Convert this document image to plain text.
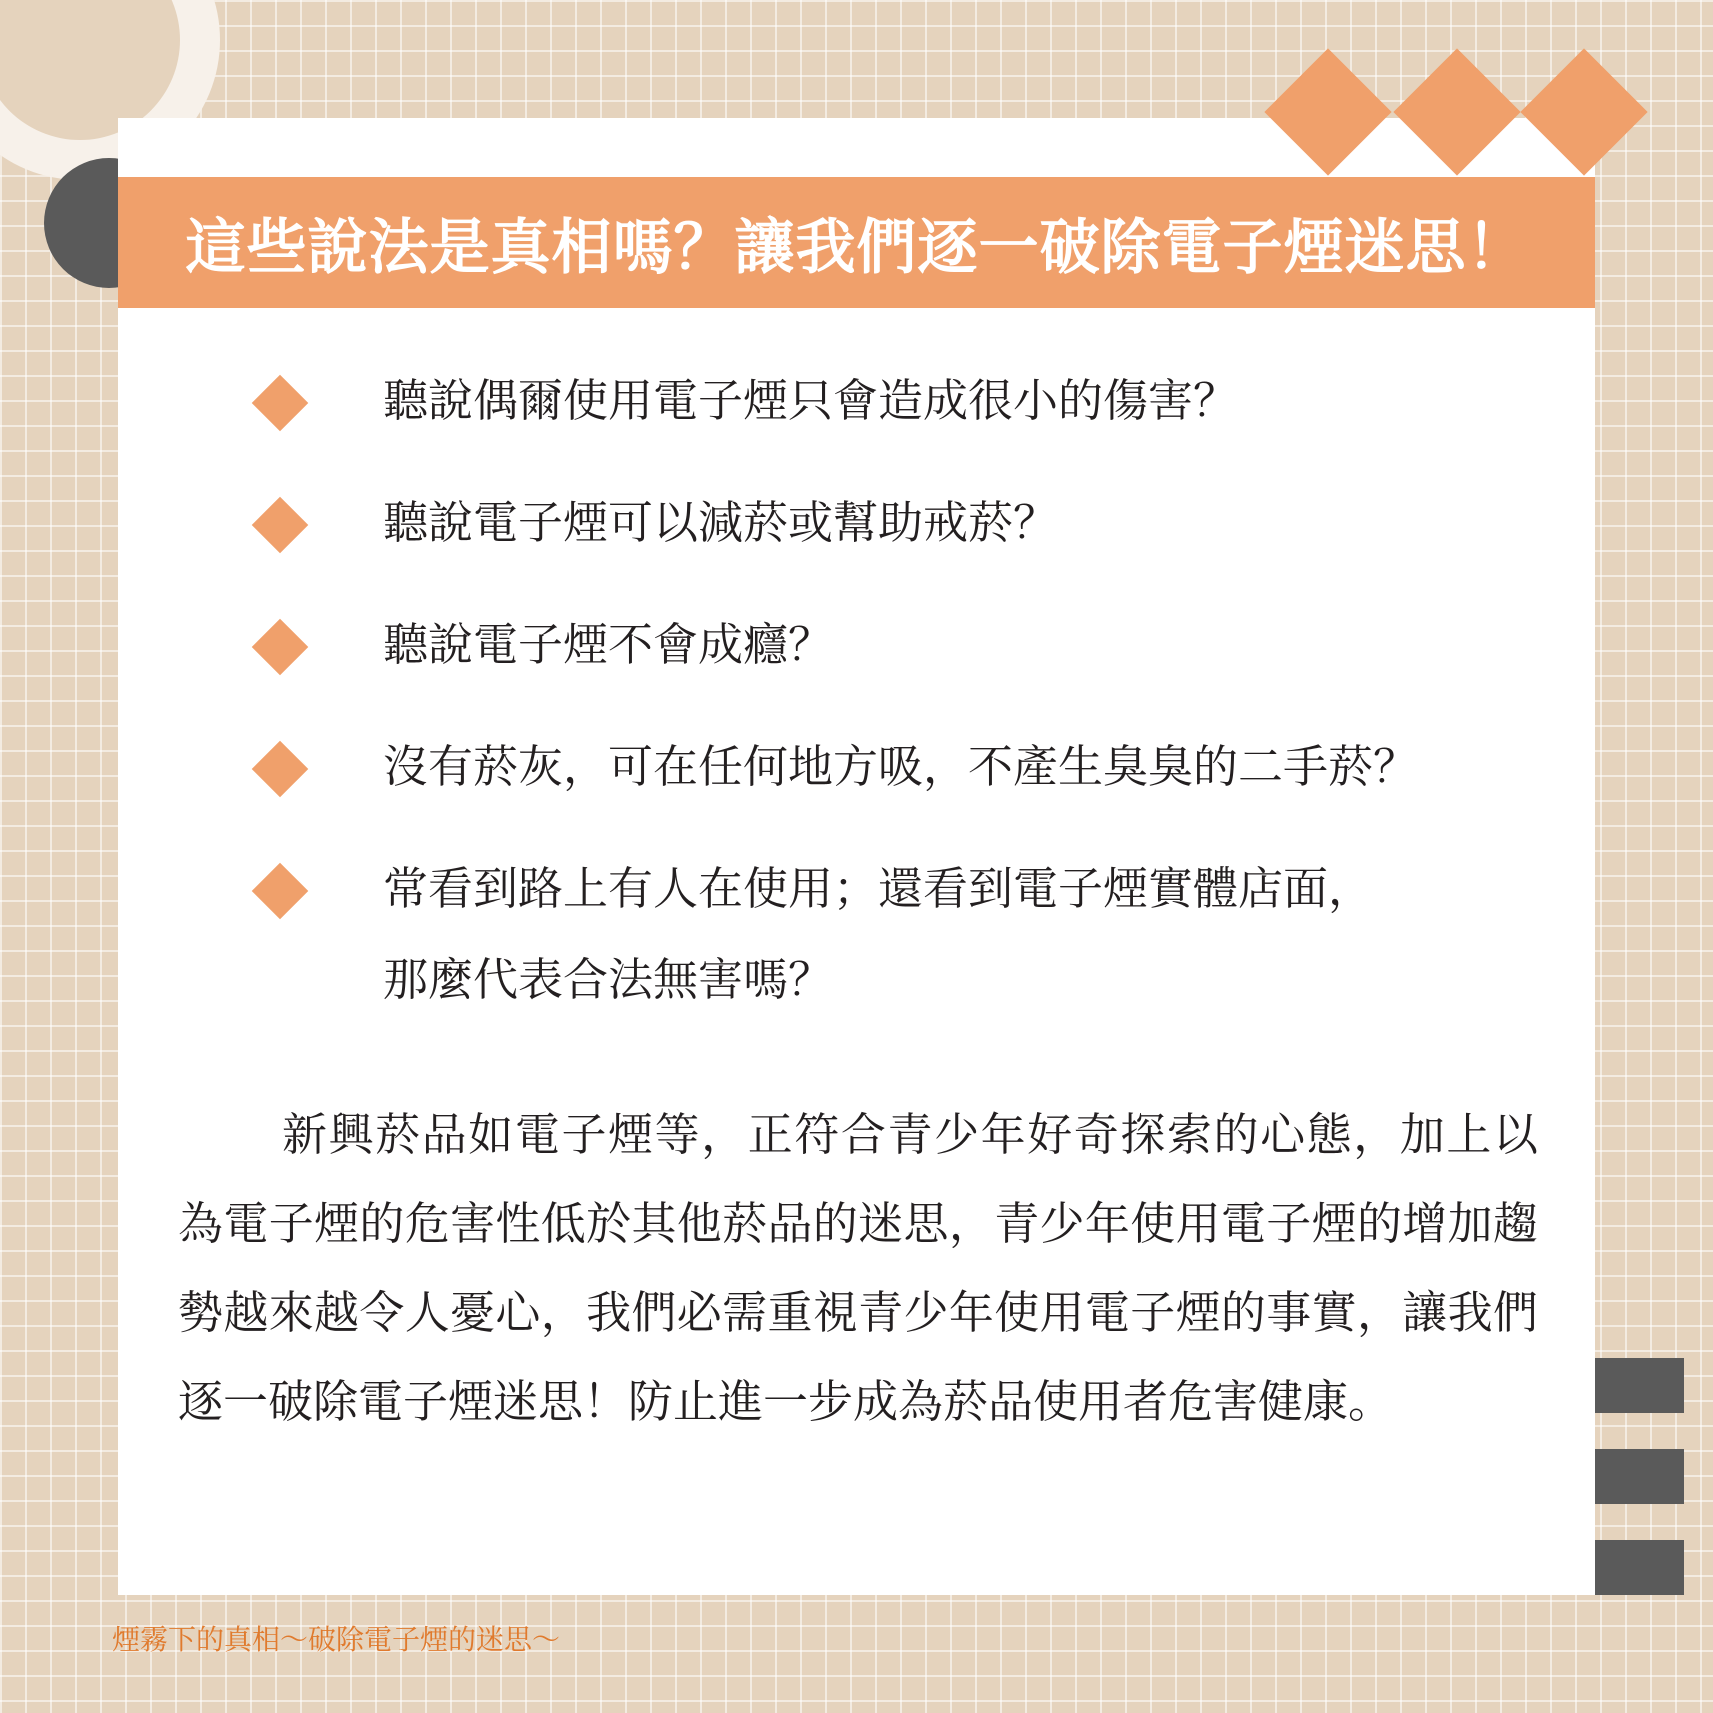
這些說法是真相嗎？讓我們逐一破除電子煙迷思！
聽說偶爾使用電子煙只會造成很小的傷害？
聽說電子煙可以減菸或幫助戒菸？
聽說電子煙不會成癮？
沒有菸灰，可在任何地方吸，不產生臭臭的二手菸？
常看到路上有人在使用；還看到電子煙實體店面，
那麼代表合法無害嗎？
新興菸品如電子煙等，正符合青少年好奇探索的心態，加上以為電子煙的危害性低於其他菸品的迷思，青少年使用電子煙的增加趨勢越來越令人憂心，我們必需重視青少年使用電子煙的事實，讓我們逐一破除電子煙迷思！防止進一步成為菸品使用者危害健康。
煙霧下的真相～破除電子煙的迷思～
